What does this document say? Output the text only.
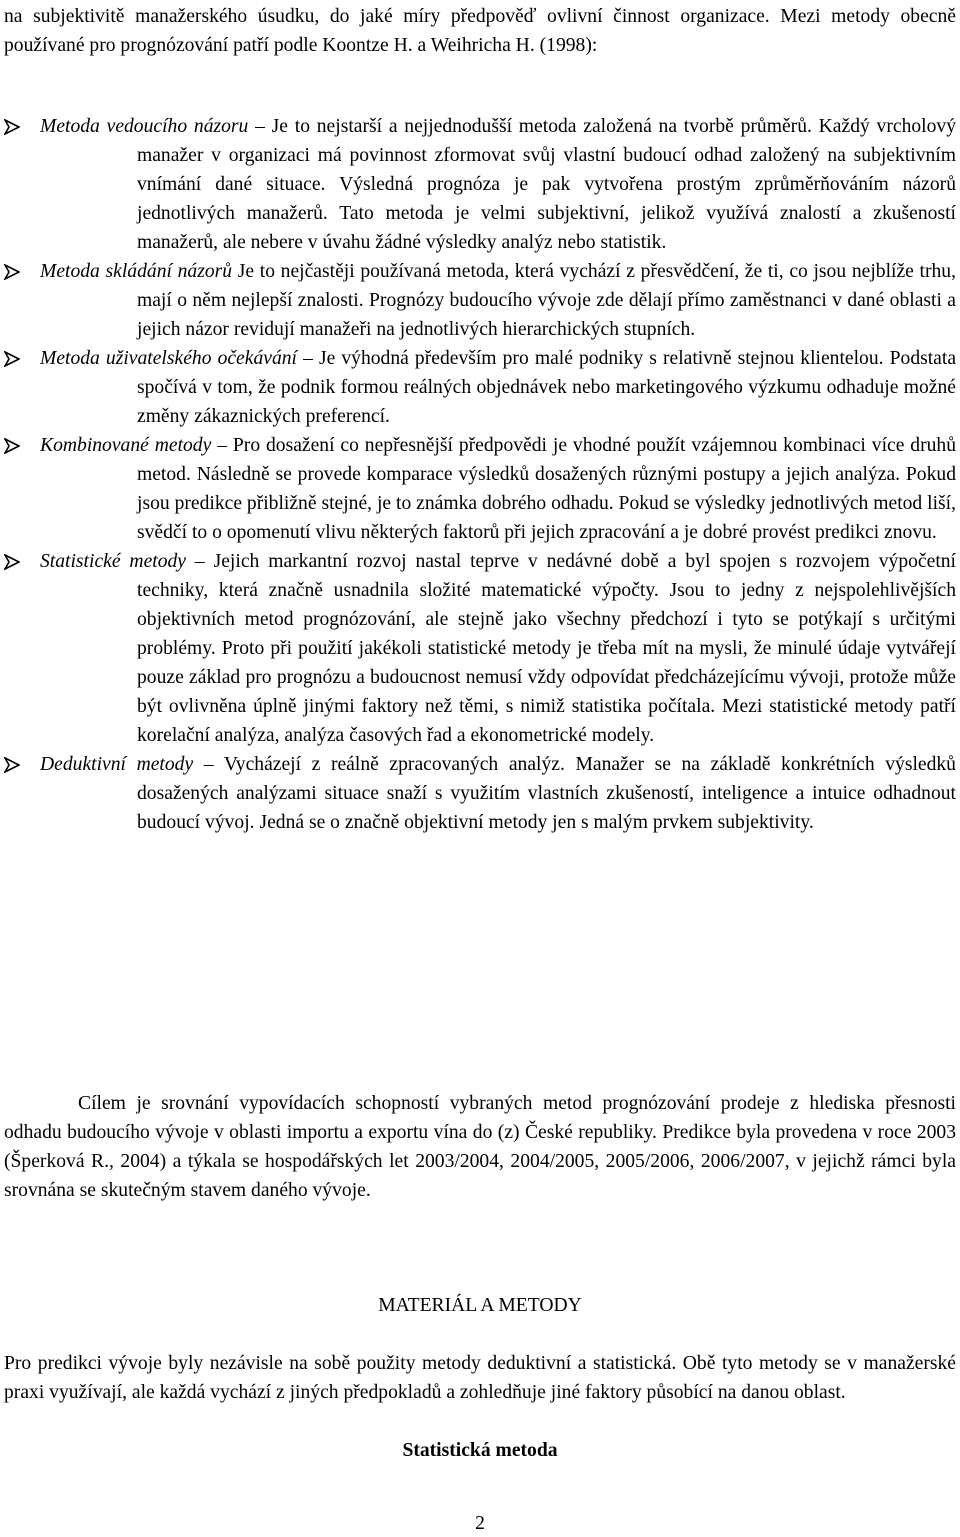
na subjektivitě manažerského úsudku, do jaké míry předpověď ovlivní činnost organizace. Mezi metody obecně používané pro prognózování patří podle Koontze H. a Weihricha H. (1998):
Metoda vedoucího názoru – Je to nejstarší a nejjednodušší metoda založená na tvorbě průměrů. Každý vrcholový manažer v organizaci má povinnost zformovat svůj vlastní budoucí odhad založený na subjektivním vnímání dané situace. Výsledná prognóza je pak vytvořena prostým zprůměrňováním názorů jednotlivých manažerů. Tato metoda je velmi subjektivní, jelikož využívá znalostí a zkušeností manažerů, ale nebere v úvahu žádné výsledky analýz nebo statistik.
Metoda skládání názorů Je to nejčastěji používaná metoda, která vychází z přesvědčení, že ti, co jsou nejblíže trhu, mají o něm nejlepší znalosti. Prognózy budoucího vývoje zde dělají přímo zaměstnanci v dané oblasti a jejich názor revidují manažeři na jednotlivých hierarchických stupních.
Metoda uživatelského očekávání – Je výhodná především pro malé podniky s relativně stejnou klientelou. Podstata spočívá v tom, že podnik formou reálných objednávek nebo marketingového výzkumu odhaduje možné změny zákaznických preferencí.
Kombinované metody – Pro dosažení co nepřesnější předpovědi je vhodné použít vzájemnou kombinaci více druhů metod. Následně se provede komparace výsledků dosažených různými postupy a jejich analýza. Pokud jsou predikce přibližně stejné, je to známka dobrého odhadu. Pokud se výsledky jednotlivých metod liší, svědčí to o opomenutí vlivu některých faktorů při jejich zpracování a je dobré provést predikci znovu.
Statistické metody – Jejich markantní rozvoj nastal teprve v nedávné době a byl spojen s rozvojem výpočetní techniky, která značně usnadnila složité matematické výpočty. Jsou to jedny z nejspolehlivějších objektivních metod prognózování, ale stejně jako všechny předchozí i tyto se potýkají s určitými problémy. Proto při použití jakékoli statistické metody je třeba mít na mysli, že minulé údaje vytvářejí pouze základ pro prognózu a budoucnost nemusí vždy odpovídat předcházejícímu vývoji, protože může být ovlivněna úplně jinými faktory než těmi, s nimiž statistika počítala. Mezi statistické metody patří korelační analýza, analýza časových řad a ekonometrické modely.
Deduktivní metody – Vycházejí z reálně zpracovaných analýz. Manažer se na základě konkrétních výsledků dosažených analýzami situace snaží s využitím vlastních zkušeností, inteligence a intuice odhadnout budoucí vývoj. Jedná se o značně objektivní metody jen s malým prvkem subjektivity.
Cílem je srovnání vypovídacích schopností vybraných metod prognózování prodeje z hlediska přesnosti odhadu budoucího vývoje v oblasti importu a exportu vína do (z) České republiky. Predikce byla provedena v roce 2003 (Šperková R., 2004) a týkala se hospodářských let 2003/2004, 2004/2005, 2005/2006, 2006/2007, v jejichž rámci byla srovnána se skutečným stavem daného vývoje.
MATERIÁL A METODY
Pro predikci vývoje byly nezávisle na sobě použity metody deduktivní a statistická. Obě tyto metody se v manažerské praxi využívají, ale každá vychází z jiných předpokladů a zohledňuje jiné faktory působící na danou oblast.
Statistická metoda
2
